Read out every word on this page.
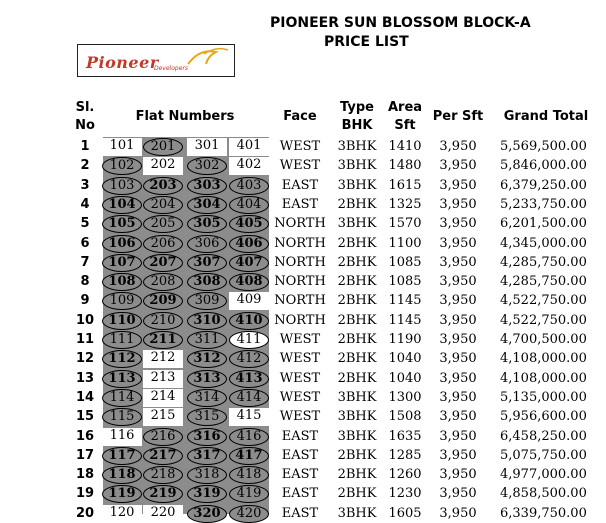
PIONEER SUN BLOSSOM BLOCK-A
PRICE LIST
Pioneer
Developers
Sl.
No
Flat Numbers	Face
Type
BHK
Area
Sft
Per Sft	Grand Total
1	101	201	301	401	WEST	3BHK 1410	3,950	5,569,500.00
2	102	202	302	402	WEST	3BHK 1480	3,950	5,846,000.00
3	103	203	303	403	EAST	3BHK 1615	3,950	6,379,250.00
4	104	204	304	404	EAST	2BHK 1325	3,950	5,233,750.00
5	105	205	305	405 NORTH 3BHK 1570	3,950	6,201,500.00
6	106	206	306	406 NORTH 2BHK 1100	3,950	4,345,000.00
7	107	207	307	407 NORTH 2BHK 1085	3,950	4,285,750.00
8	108	208	308	408 NORTH 2BHK 1085	3,950	4,285,750.00
9	109	209	309	409 NORTH 2BHK 1145	3,950	4,522,750.00
10	110	210	310	410 NORTH 2BHK 1145	3,950	4,522,750.00
11	111	211	311	411	WEST	2BHK 1190	3,950	4,700,500.00
12	112	212	312	412	WEST	2BHK 1040	3,950	4,108,000.00
13	113	213	313	413	WEST	2BHK 1040	3,950	4,108,000.00
14	114	214	314	414	WEST	3BHK 1300	3,950	5,135,000.00
15	115	215	315	415	WEST	3BHK 1508	3,950	5,956,600.00
16	116	216	316	416	EAST	3BHK 1635	3,950	6,458,250.00
17	117	217	317	417	EAST	2BHK 1285	3,950	5,075,750.00
18	118	218	318	418	EAST	2BHK 1260	3,950	4,977,000.00
19	119	219	319	419	EAST	2BHK 1230	3,950	4,858,500.00
20	120	220	320	420	EAST	3BHK 1605	3,950	6,339,750.00
